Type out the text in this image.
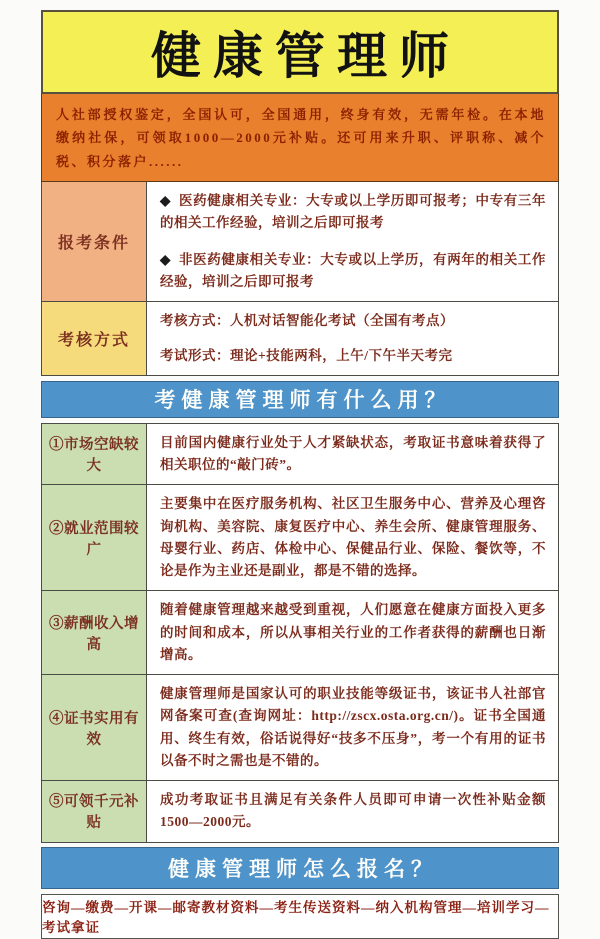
健康管理师
人社部授权鉴定，全国认可，全国通用，终身有效，无需年检。在本地缴纳社保，可领取1000—2000元补贴。还可用来升职、评职称、减个税、积分落户......
报考条件
◆ 医药健康相关专业：大专或以上学历即可报考；中专有三年的相关工作经验，培训之后即可报考
◆ 非医药健康相关专业：大专或以上学历，有两年的相关工作经验，培训之后即可报考
考核方式
考核方式：人机对话智能化考试（全国有考点）
考试形式：理论+技能两科，上午/下午半天考完
考健康管理师有什么用？
①市场空缺较大
目前国内健康行业处于人才紧缺状态，考取证书意味着获得了相关职位的“敲门砖”。
②就业范围较广
主要集中在医疗服务机构、社区卫生服务中心、营养及心理咨询机构、美容院、康复医疗中心、养生会所、健康管理服务、母婴行业、药店、体检中心、保健品行业、保险、餐饮等，不论是作为主业还是副业，都是不错的选择。
③薪酬收入增高
随着健康管理越来越受到重视，人们愿意在健康方面投入更多的时间和成本，所以从事相关行业的工作者获得的薪酬也日渐增高。
④证书实用有效
健康管理师是国家认可的职业技能等级证书，该证书人社部官网备案可查(查询网址：http://zscx.osta.org.cn/)。证书全国通用、终生有效，俗话说得好“技多不压身”，考一个有用的证书以备不时之需也是不错的。
⑤可领千元补贴
成功考取证书且满足有关条件人员即可申请一次性补贴金额1500—2000元。
健康管理师怎么报名？
咨询—缴费—开课—邮寄教材资料—考生传送资料—纳入机构管理—培训学习—考试拿证
